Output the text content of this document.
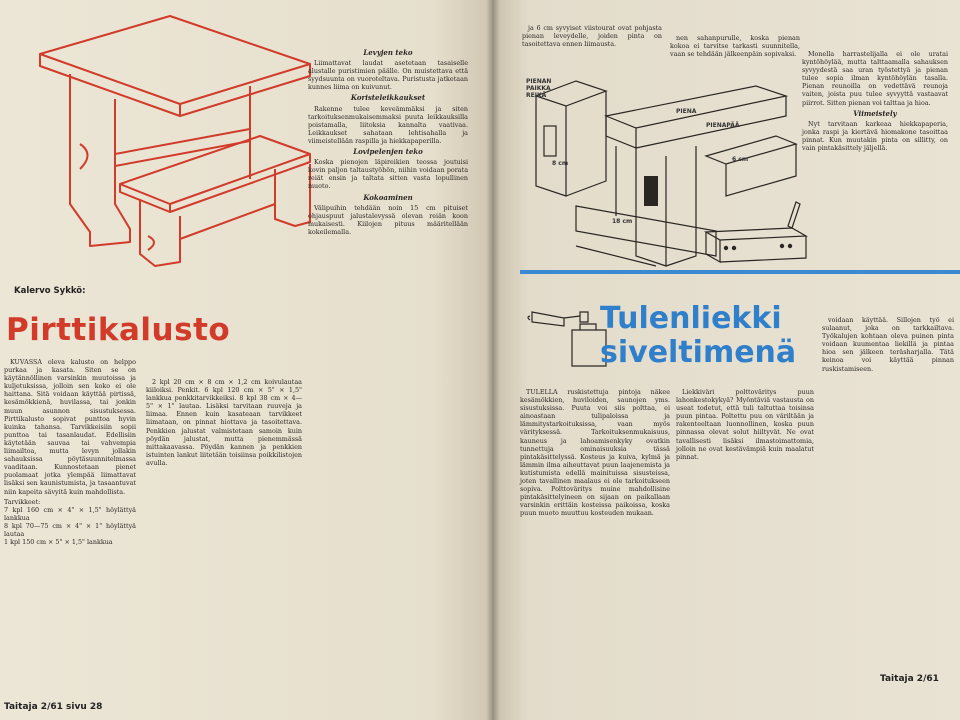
Kalervo Sykkö:
Pirttikalusto

KUVASSA oleva kalusto on helppo purkaa ja kasata. Siten se on käytännöllinen varsinkin muutoissa ja kuljetuksissa, jolloin sen koko ei ole haittana. Sitä voidaan käyttää pirtissä, kesämökkienä, huvilassa, tai jonkin muun asunnon sisustuksessa. Pirttikalusto sopivat punttoa hyvin kuinka tahansa. Tarvikkeisiin sopii punttoa tai tasanlaudat. Edellisiin käytetään sauvaa tai vahvempia liimailtoa, mutta levyn jollakin sahauksissa pöytäsuunnitelmassa vaaditaan. Kunnostetaan pienet puolamaat jotka ylempää liimattavat lisäksi sen kaunistumista, ja tasaantuvat niin kapeita sävyitä kuin mahdollista.

Tarvikkeet:
7 kpl 160 cm × 4" × 1,5" höylättyä lankkua
8 kpl 70—75 cm × 4" × 1" höylättyä lautaa
1 kpl 150 cm × 5" × 1,5" lankkua

2 kpl 20 cm × 8 cm × 1,2 cm koivulautaa kiiloiksi. Penkit. 6 kpl 120 cm × 5" × 1,5" lankkua penkkitarvikkeiksi. 8 kpl 38 cm × 4—5" × 1" lautaa. Lisäksi tarvitaan ruuveja ja liimaa. Ennen kuin kasateaan tarvikkeet liimataan, on pinnat hiottava ja tasoitettava. Penkkien jalustat valmistetaan samoin kuin pöydän jalustat, mutta pienemmässä mittakaavassa. Pöydän kannen ja penkkien istuinten lankut liitetään toisiinsa poikkilistojen avulla.

Levyjen teko

Liimattavat laudat asetetaan tasaiselle alustalle puristimien päälle. On muistettava että syydsuunta on vuoroteltava. Puristusta jatketaan kunnes liima on kuivunut.

Koristeleikkaukset

Rakenne tulee keveämmäksi ja siten tarkoituksenmukaisemmaksi puuta leikkauksilla poistamalla, liitoksia kannalta vaativaa. Leikkaukset sahataan lehtisahalla ja viimeistellään raspilla ja hiekkapaperilla.

Lovipelenjen teko

Koska pienojen läpireikien teossa joutuisi kovin paljon taltaustyöhön, niihin voidaan porata reiät ensin ja taltata sitten vasta lopullinen muoto.

Kokoaminen

Välipuihin tehdään noin 15 cm pituiset ohjauspuut jalustalevyssä olevan reiän koon mukaisesti. Kiilojen pituus määritellään kokeilemalla.

Taitaja 2/61 sivu 28

ja 6 cm syvyiset viistourat ovat pohjasta pienan leveydelle, joiden pinta on tasoitettava ennen liimausta.

nen sahanpurulle, koska pienan kokoa ei tarvitse tarkasti suunnitella, vaan se tehdään jälkeenpäin sopivaksi.

PIENAN PAIKKA REIKÄ
PIENA
PIENAPÄÄ
6 cm
8 cm
18 cm

Monella harrastelijalla ei ole uratai kyntöhöylää, mutta talttaamalla sahauksen syvyydestä saa uran työstettyä ja pienan tulee sopia ilman kyntöhöylän tasalla. Pienan reunoilla on vedettävä reunoja vaiten, joista puu tulee syvyyttä vastaavat piirrot. Sitten pienan voi talttaa ja hioa.

Viimeistely

Nyt tarvitaan karkeaa hiekkapaperia, jonka raspi ja kiertävä hiomakone tasoittaa pinnat. Kun muutakin pinta on sillitty, on vain pintakäsittely jäljellä.

Tulenliekki
siveltimenä

TULELLA ruskistettuja pintoja näkee kesämökkien, huviloiden, saunojen yms. sisustuksissa. Puuta voi siis polttaa, ei ainoastaan tulipaloissa ja lämmitystarkoituksissa, vaan myös värityksessä. Tarkoituksenmukaisuus, kauneus ja lahoamisenkyky ovatkin tunnettuja ominaisuuksia tässä pintakäsittelyssä. Kosteus ja kuiva, kylmä ja lämmin ilma aiheuttavat puun laajenemista ja kutistumista edellä mainituissa sisusteissa, joten tavallinen maalaus ei ole tarkoitukseen sopiva. Polttoväritys muine mahdollisine pintakäsittelyineen on sijaan on paikallaan varsinkin erittäin kosteissa paikoissa, koska puun muoto muuttuu kosteuden mukaan.

Liekkiväri polttoväritys puun lahonkestokykyä? Myöntäviä vastausta on useat todetut, että tuli taltuttaa toisinsa puun pintaa. Poltettu puu on väriltään ja rakenteeltaan luonnollinen, koska puun pinnassa olevat solut hiiltyvät. Ne ovat tavallisesti lisäksi ilmastoimattomia, jolloin ne ovat kestävämpiä kuin maalatut pinnat.

voidaan käyttää. Sillojen työ ei sulaanut, joka on tarkkailtava. Työkalujen kohtaan oleva puinen pinta voidaan kuumentaa liekillä ja pintaa hioa sen jälkeen teräsharjalla. Tätä keinoa voi käyttää pinnan ruskistamiseen.

Taitaja 2/61
